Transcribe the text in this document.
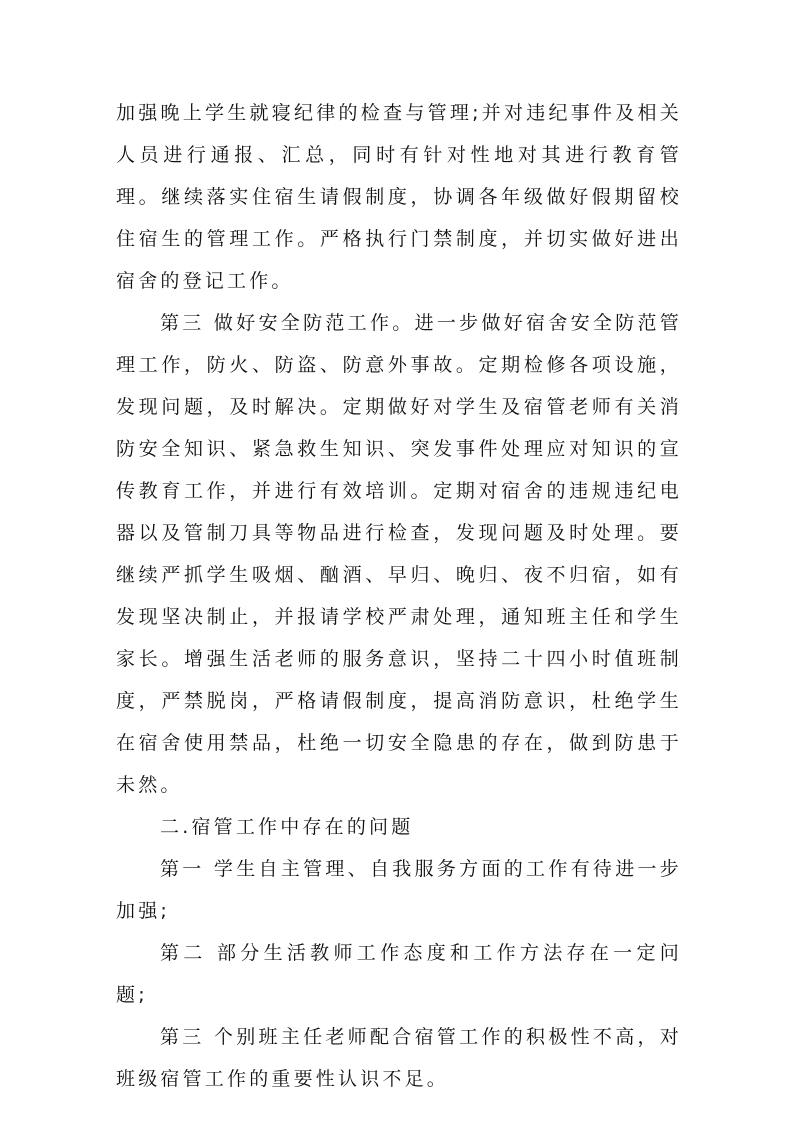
加强晚上学生就寝纪律的检查与管理;并对违纪事件及相关人员进行通报、汇总，同时有针对性地对其进行教育管理。继续落实住宿生请假制度，协调各年级做好假期留校住宿生的管理工作。严格执行门禁制度，并切实做好进出宿舍的登记工作。

第三 做好安全防范工作。进一步做好宿舍安全防范管理工作，防火、防盗、防意外事故。定期检修各项设施，发现问题，及时解决。定期做好对学生及宿管老师有关消防安全知识、紧急救生知识、突发事件处理应对知识的宣传教育工作，并进行有效培训。定期对宿舍的违规违纪电器以及管制刀具等物品进行检查，发现问题及时处理。要继续严抓学生吸烟、酗酒、早归、晚归、夜不归宿，如有发现坚决制止，并报请学校严肃处理，通知班主任和学生家长。增强生活老师的服务意识，坚持二十四小时值班制度，严禁脱岗，严格请假制度，提高消防意识，杜绝学生在宿舍使用禁品，杜绝一切安全隐患的存在，做到防患于未然。

二.宿管工作中存在的问题

第一 学生自主管理、自我服务方面的工作有待进一步加强;

第二 部分生活教师工作态度和工作方法存在一定问题;

第三 个别班主任老师配合宿管工作的积极性不高，对班级宿管工作的重要性认识不足。
